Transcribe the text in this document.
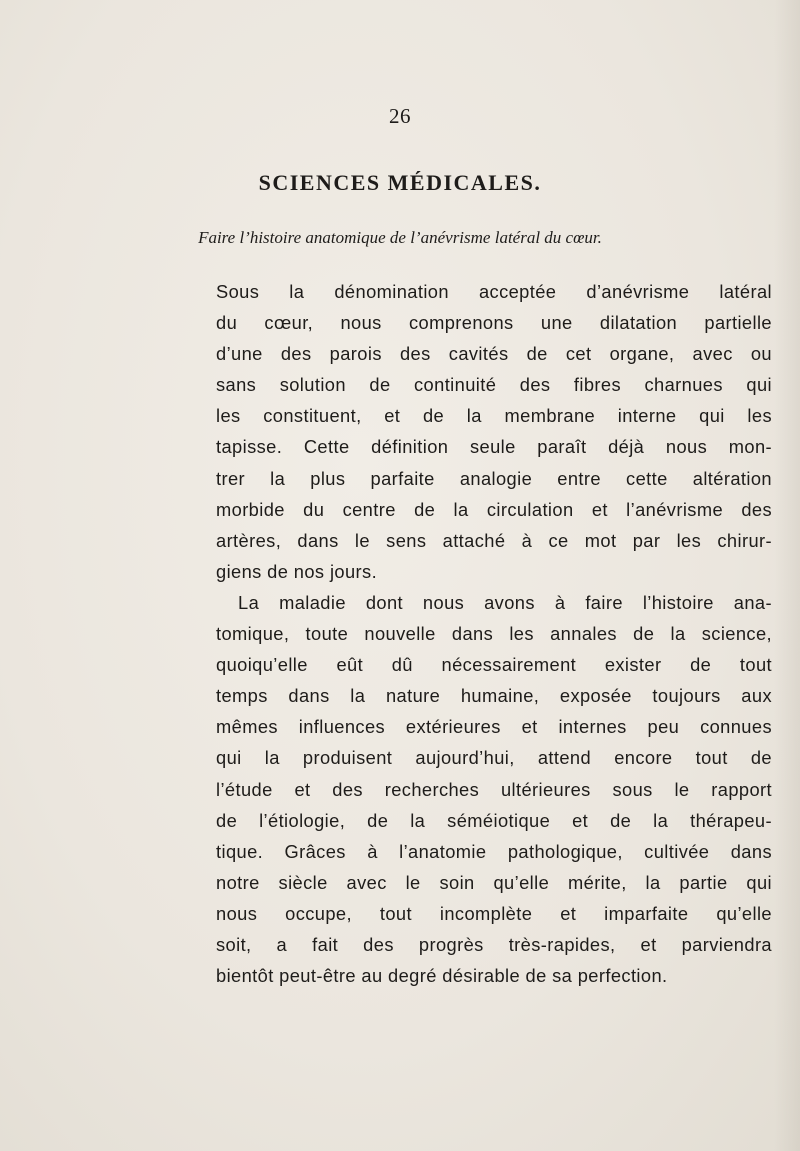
26
SCIENCES MÉDICALES.
Faire l’histoire anatomique de l’anévrisme latéral du cœur.
Sous la dénomination acceptée d’anévrisme latéral
du cœur, nous comprenons une dilatation partielle
d’une des parois des cavités de cet organe, avec ou
sans solution de continuité des fibres charnues qui
les constituent, et de la membrane interne qui les
tapisse. Cette définition seule paraît déjà nous mon-
trer la plus parfaite analogie entre cette altération
morbide du centre de la circulation et l’anévrisme des
artères, dans le sens attaché à ce mot par les chirur-
giens de nos jours.
La maladie dont nous avons à faire l’histoire ana-
tomique, toute nouvelle dans les annales de la science,
quoiqu’elle eût dû nécessairement exister de tout
temps dans la nature humaine, exposée toujours aux
mêmes influences extérieures et internes peu connues
qui la produisent aujourd’hui, attend encore tout de
l’étude et des recherches ultérieures sous le rapport
de l’étiologie, de la séméiotique et de la thérapeu-
tique. Grâces à l’anatomie pathologique, cultivée dans
notre siècle avec le soin qu’elle mérite, la partie qui
nous occupe, tout incomplète et imparfaite qu’elle
soit, a fait des progrès très-rapides, et parviendra
bientôt peut-être au degré désirable de sa perfection.
